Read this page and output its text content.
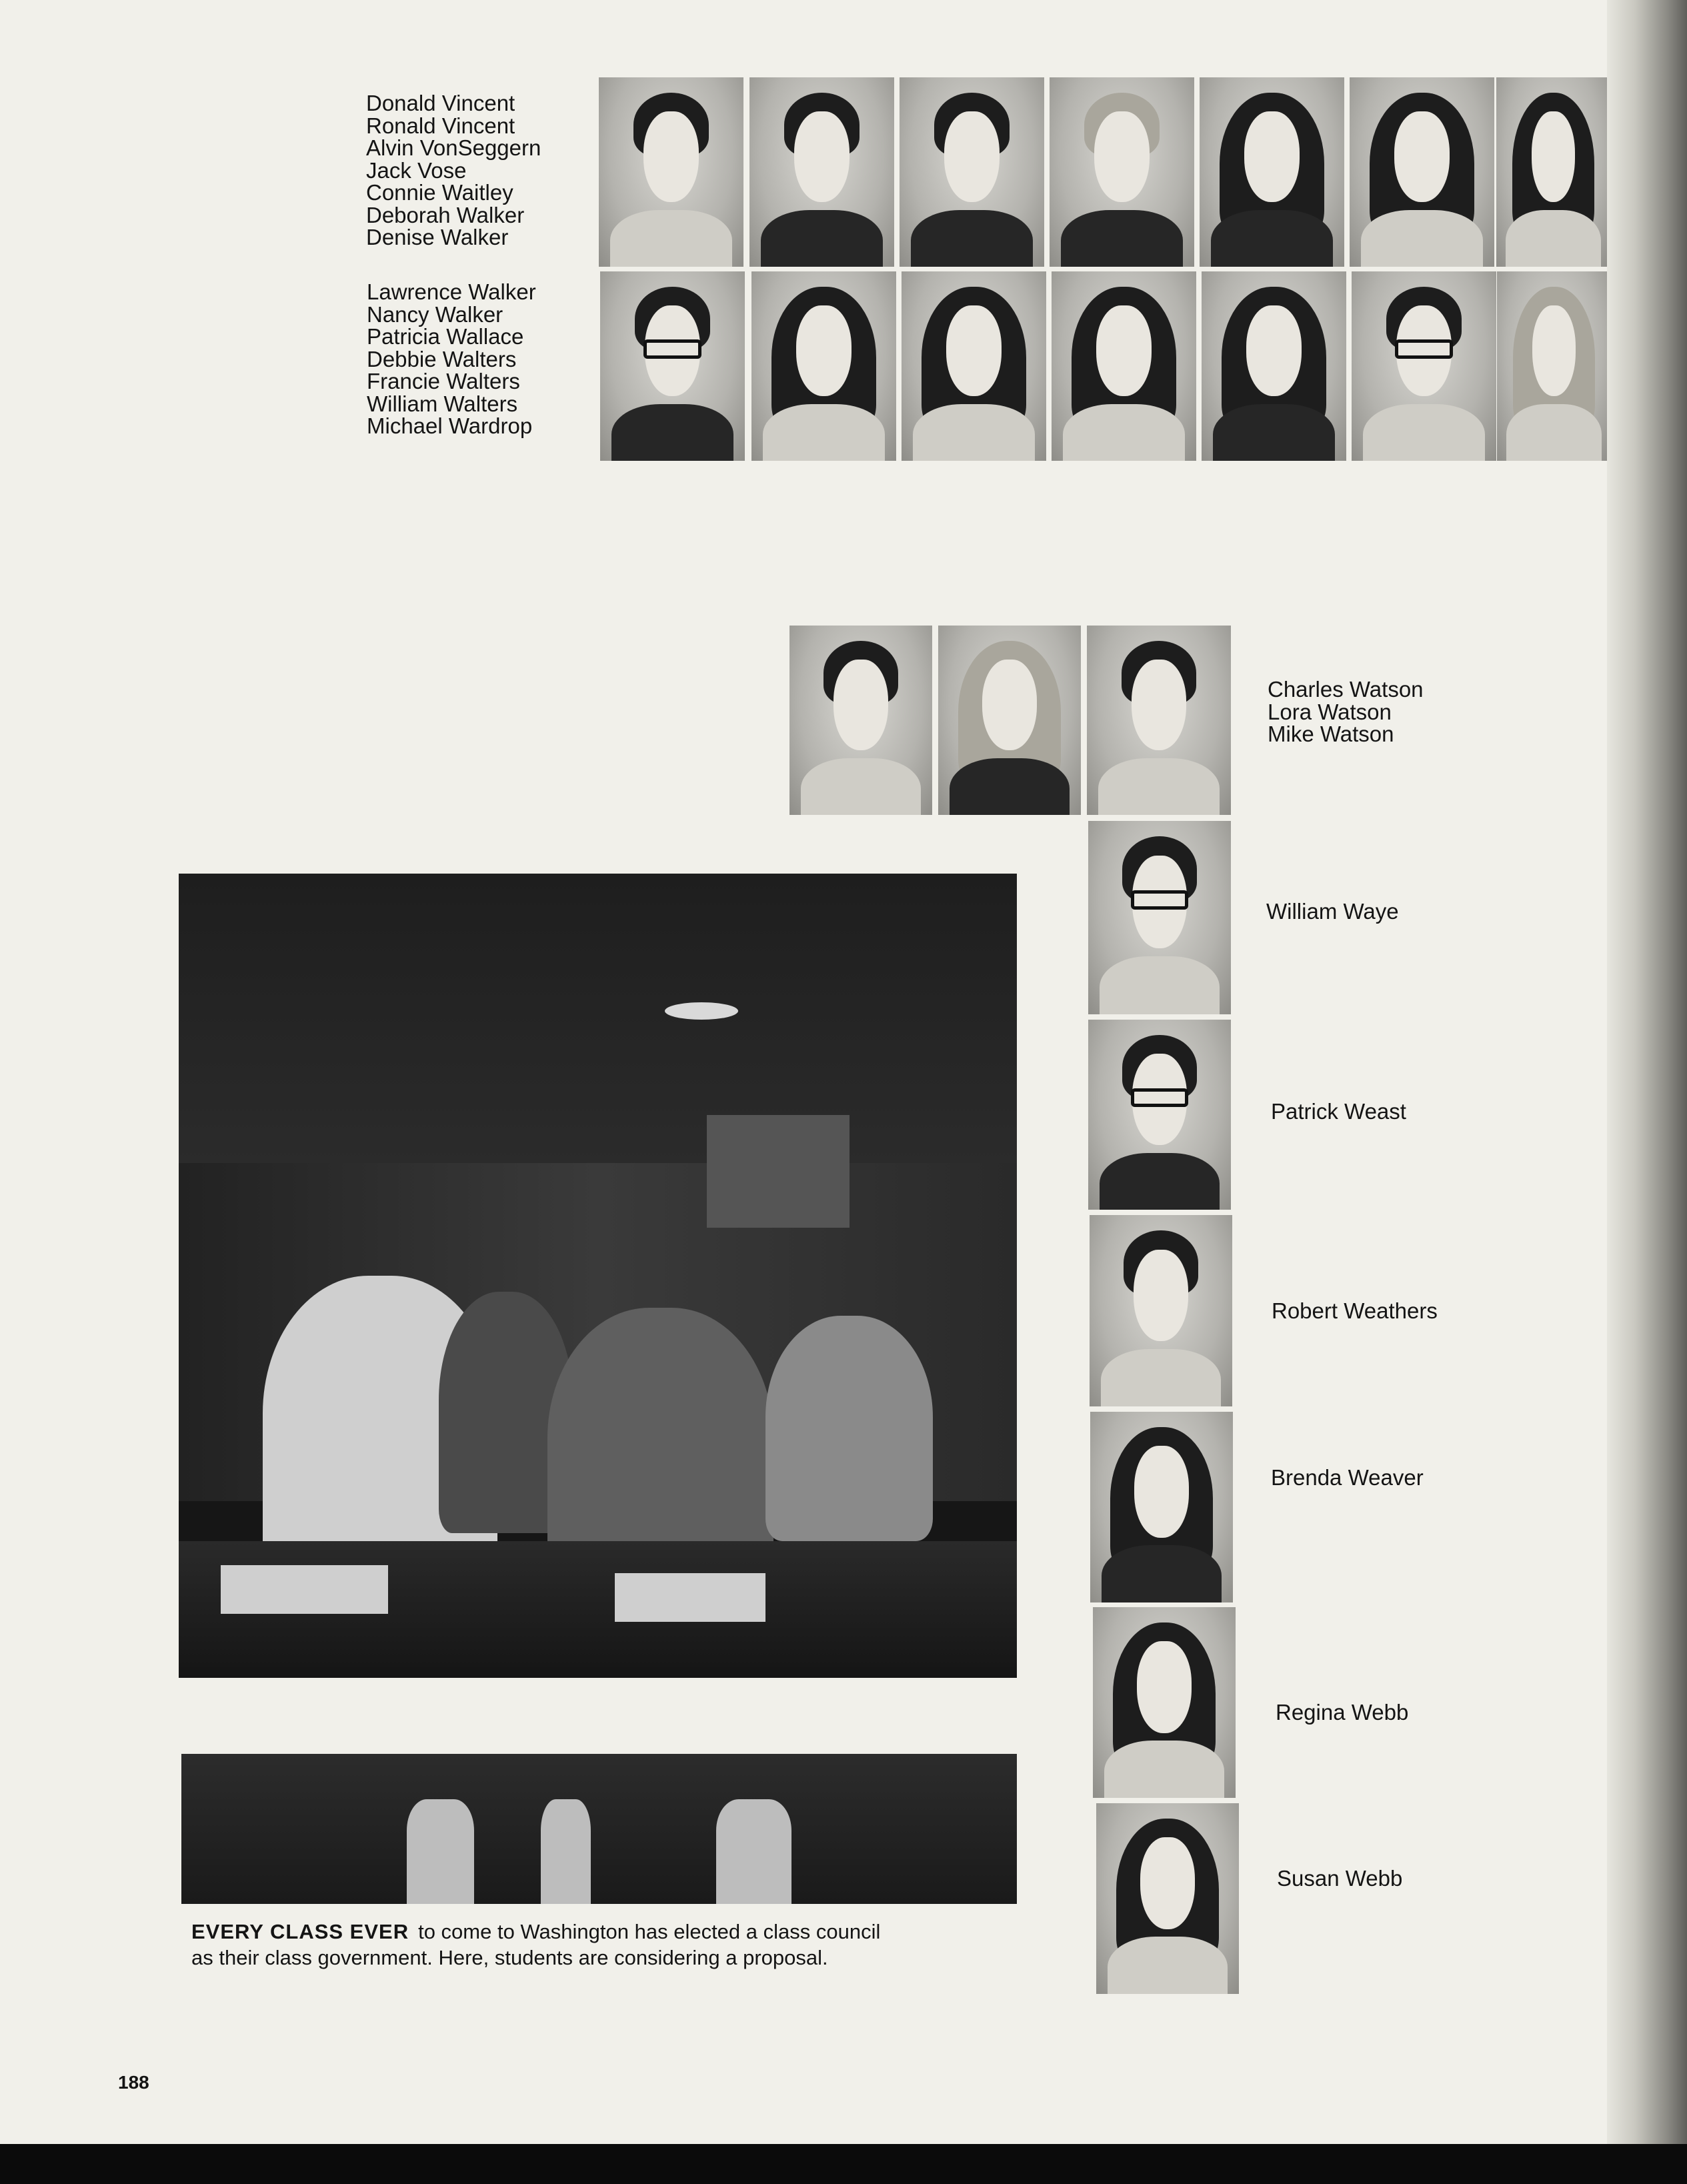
Donald Vincent
Ronald Vincent
Alvin VonSeggern
Jack Vose
Connie Waitley
Deborah Walker
Denise Walker
Lawrence Walker
Nancy Walker
Patricia Wallace
Debbie Walters
Francie Walters
William Walters
Michael Wardrop
Charles Watson
Lora Watson
Mike Watson
William Waye
Patrick Weast
Robert Weathers
Brenda Weaver
Regina Webb
Susan Webb
EVERY CLASS EVER to come to Washington has elected a class council
as their class government. Here, students are considering a proposal.
188
